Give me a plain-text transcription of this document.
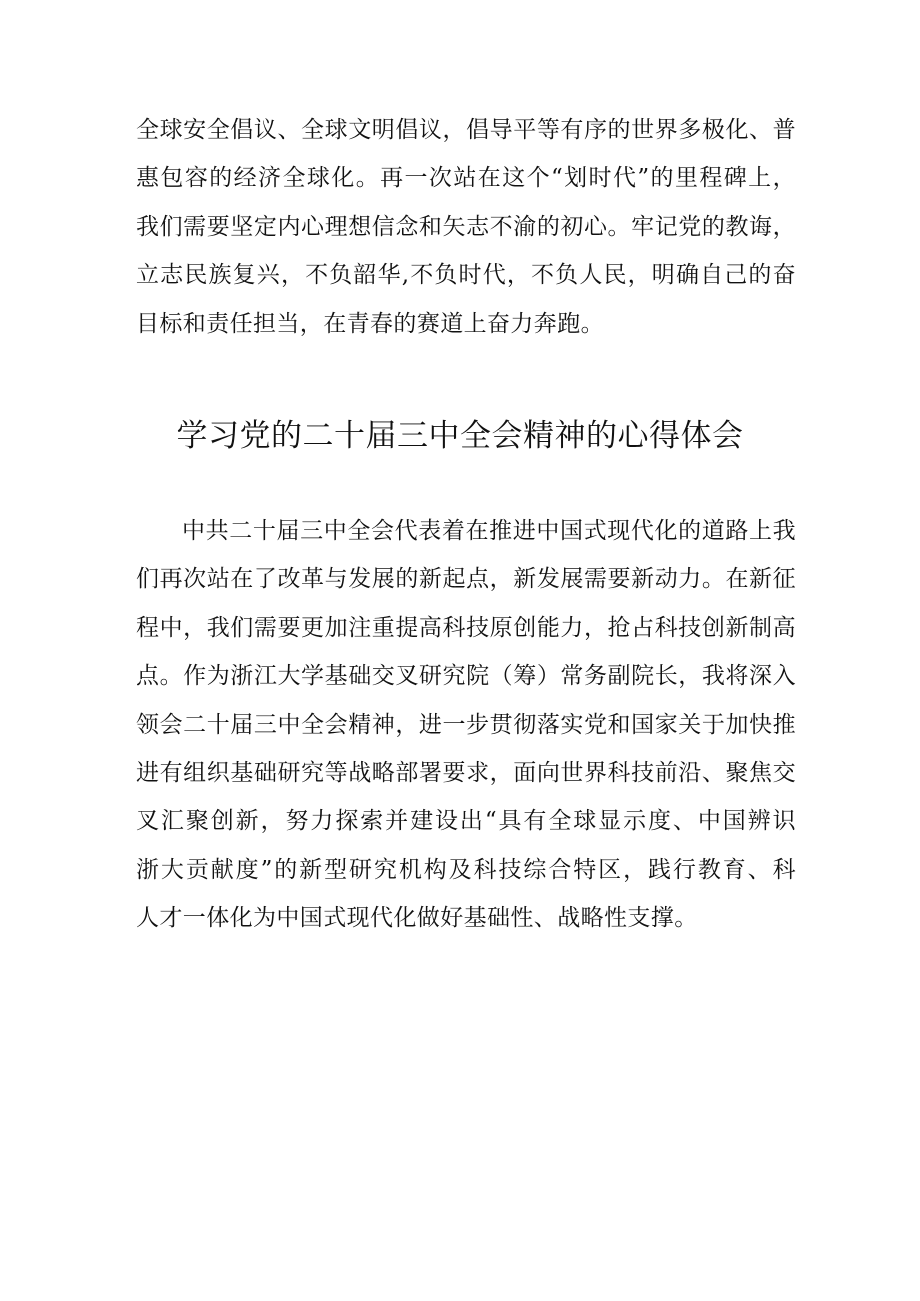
全球安全倡议、全球文明倡议，倡导平等有序的世界多极化、普
惠包容的经济全球化。再一次站在这个“划时代”的里程碑上，
我们需要坚定内心理想信念和矢志不渝的初心。牢记党的教诲，
立志民族复兴，不负韶华,不负时代，不负人民，明确自己的奋
目标和责任担当，在青春的赛道上奋力奔跑。
学习党的二十届三中全会精神的心得体会
中共二十届三中全会代表着在推进中国式现代化的道路上我
们再次站在了改革与发展的新起点，新发展需要新动力。在新征
程中，我们需要更加注重提高科技原创能力，抢占科技创新制高
点。作为浙江大学基础交叉研究院（筹）常务副院长，我将深入
领会二十届三中全会精神，进一步贯彻落实党和国家关于加快推
进有组织基础研究等战略部署要求，面向世界科技前沿、聚焦交
叉汇聚创新，努力探索并建设出“具有全球显示度、中国辨识
浙大贡献度”的新型研究机构及科技综合特区，践行教育、科
人才一体化为中国式现代化做好基础性、战略性支撑。
